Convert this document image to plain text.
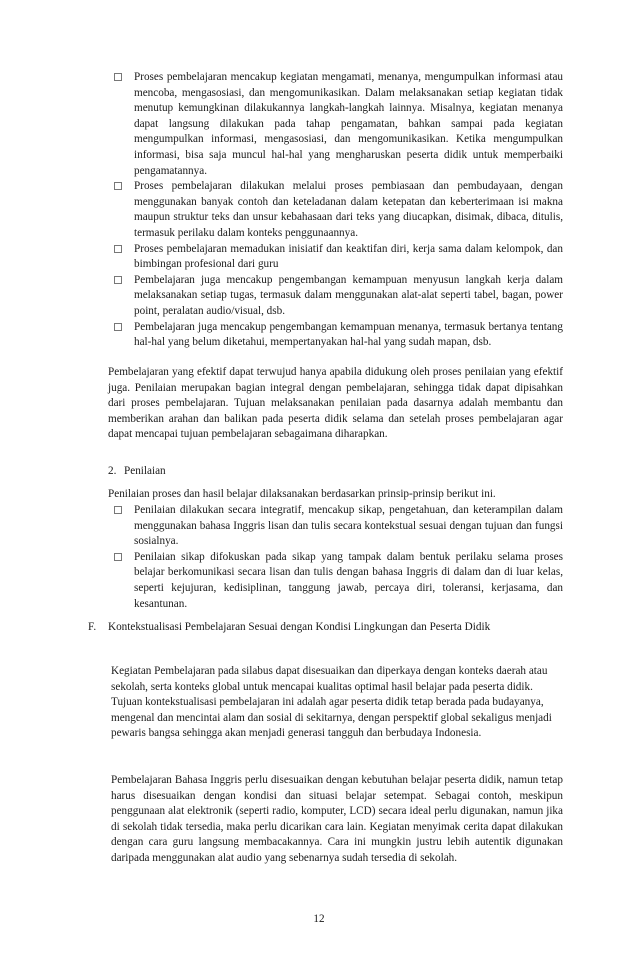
Proses pembelajaran mencakup kegiatan mengamati, menanya, mengumpulkan informasi atau mencoba, mengasosiasi, dan mengomunikasikan. Dalam melaksanakan setiap kegiatan tidak menutup kemungkinan dilakukannya langkah-langkah lainnya. Misalnya, kegiatan menanya dapat langsung dilakukan pada tahap pengamatan, bahkan sampai pada kegiatan mengumpulkan informasi, mengasosiasi, dan mengomunikasikan. Ketika mengumpulkan informasi, bisa saja muncul hal-hal yang mengharuskan peserta didik untuk memperbaiki pengamatannya.
Proses pembelajaran dilakukan melalui proses pembiasaan dan pembudayaan, dengan menggunakan banyak contoh dan keteladanan dalam ketepatan dan keberterimaan isi makna maupun struktur teks dan unsur kebahasaan dari teks yang diucapkan, disimak, dibaca, ditulis, termasuk perilaku dalam konteks penggunaannya.
Proses pembelajaran memadukan inisiatif dan keaktifan diri, kerja sama dalam kelompok, dan bimbingan profesional dari guru
Pembelajaran juga mencakup pengembangan kemampuan menyusun langkah kerja dalam melaksanakan setiap tugas, termasuk dalam menggunakan alat-alat seperti tabel, bagan, power point, peralatan audio/visual, dsb.
Pembelajaran juga mencakup pengembangan kemampuan menanya, termasuk bertanya tentang hal-hal yang belum diketahui, mempertanyakan hal-hal yang sudah mapan, dsb.
Pembelajaran yang efektif dapat terwujud hanya apabila didukung oleh proses penilaian yang efektif juga. Penilaian merupakan bagian integral dengan pembelajaran, sehingga tidak dapat dipisahkan dari proses pembelajaran. Tujuan melaksanakan penilaian pada dasarnya adalah membantu dan memberikan arahan dan balikan pada peserta didik selama dan setelah proses pembelajaran agar dapat mencapai tujuan pembelajaran sebagaimana diharapkan.
2. Penilaian
Penilaian proses dan hasil belajar dilaksanakan berdasarkan prinsip-prinsip berikut ini.
Penilaian dilakukan secara integratif, mencakup sikap, pengetahuan, dan keterampilan dalam menggunakan bahasa Inggris lisan dan tulis secara kontekstual sesuai dengan tujuan dan fungsi sosialnya.
Penilaian sikap difokuskan pada sikap yang tampak dalam bentuk perilaku selama proses belajar berkomunikasi secara lisan dan tulis dengan bahasa Inggris di dalam dan di luar kelas, seperti kejujuran, kedisiplinan, tanggung jawab, percaya diri, toleransi, kerjasama, dan kesantunan.
F. Kontekstualisasi Pembelajaran Sesuai dengan Kondisi Lingkungan dan Peserta Didik
Kegiatan Pembelajaran pada silabus dapat disesuaikan dan diperkaya dengan konteks daerah atau sekolah, serta konteks global untuk mencapai kualitas optimal hasil belajar pada peserta didik. Tujuan kontekstualisasi pembelajaran ini adalah agar peserta didik tetap berada pada budayanya, mengenal dan mencintai alam dan sosial di sekitarnya, dengan perspektif global sekaligus menjadi pewaris bangsa sehingga akan menjadi generasi tangguh dan berbudaya Indonesia.
Pembelajaran Bahasa Inggris perlu disesuaikan dengan kebutuhan belajar peserta didik, namun tetap harus disesuaikan dengan kondisi dan situasi belajar setempat. Sebagai contoh, meskipun penggunaan alat elektronik (seperti radio, komputer, LCD) secara ideal perlu digunakan, namun jika di sekolah tidak tersedia, maka perlu dicarikan cara lain. Kegiatan menyimak cerita dapat dilakukan dengan cara guru langsung membacakannya. Cara ini mungkin justru lebih autentik digunakan daripada menggunakan alat audio yang sebenarnya sudah tersedia di sekolah.
12
